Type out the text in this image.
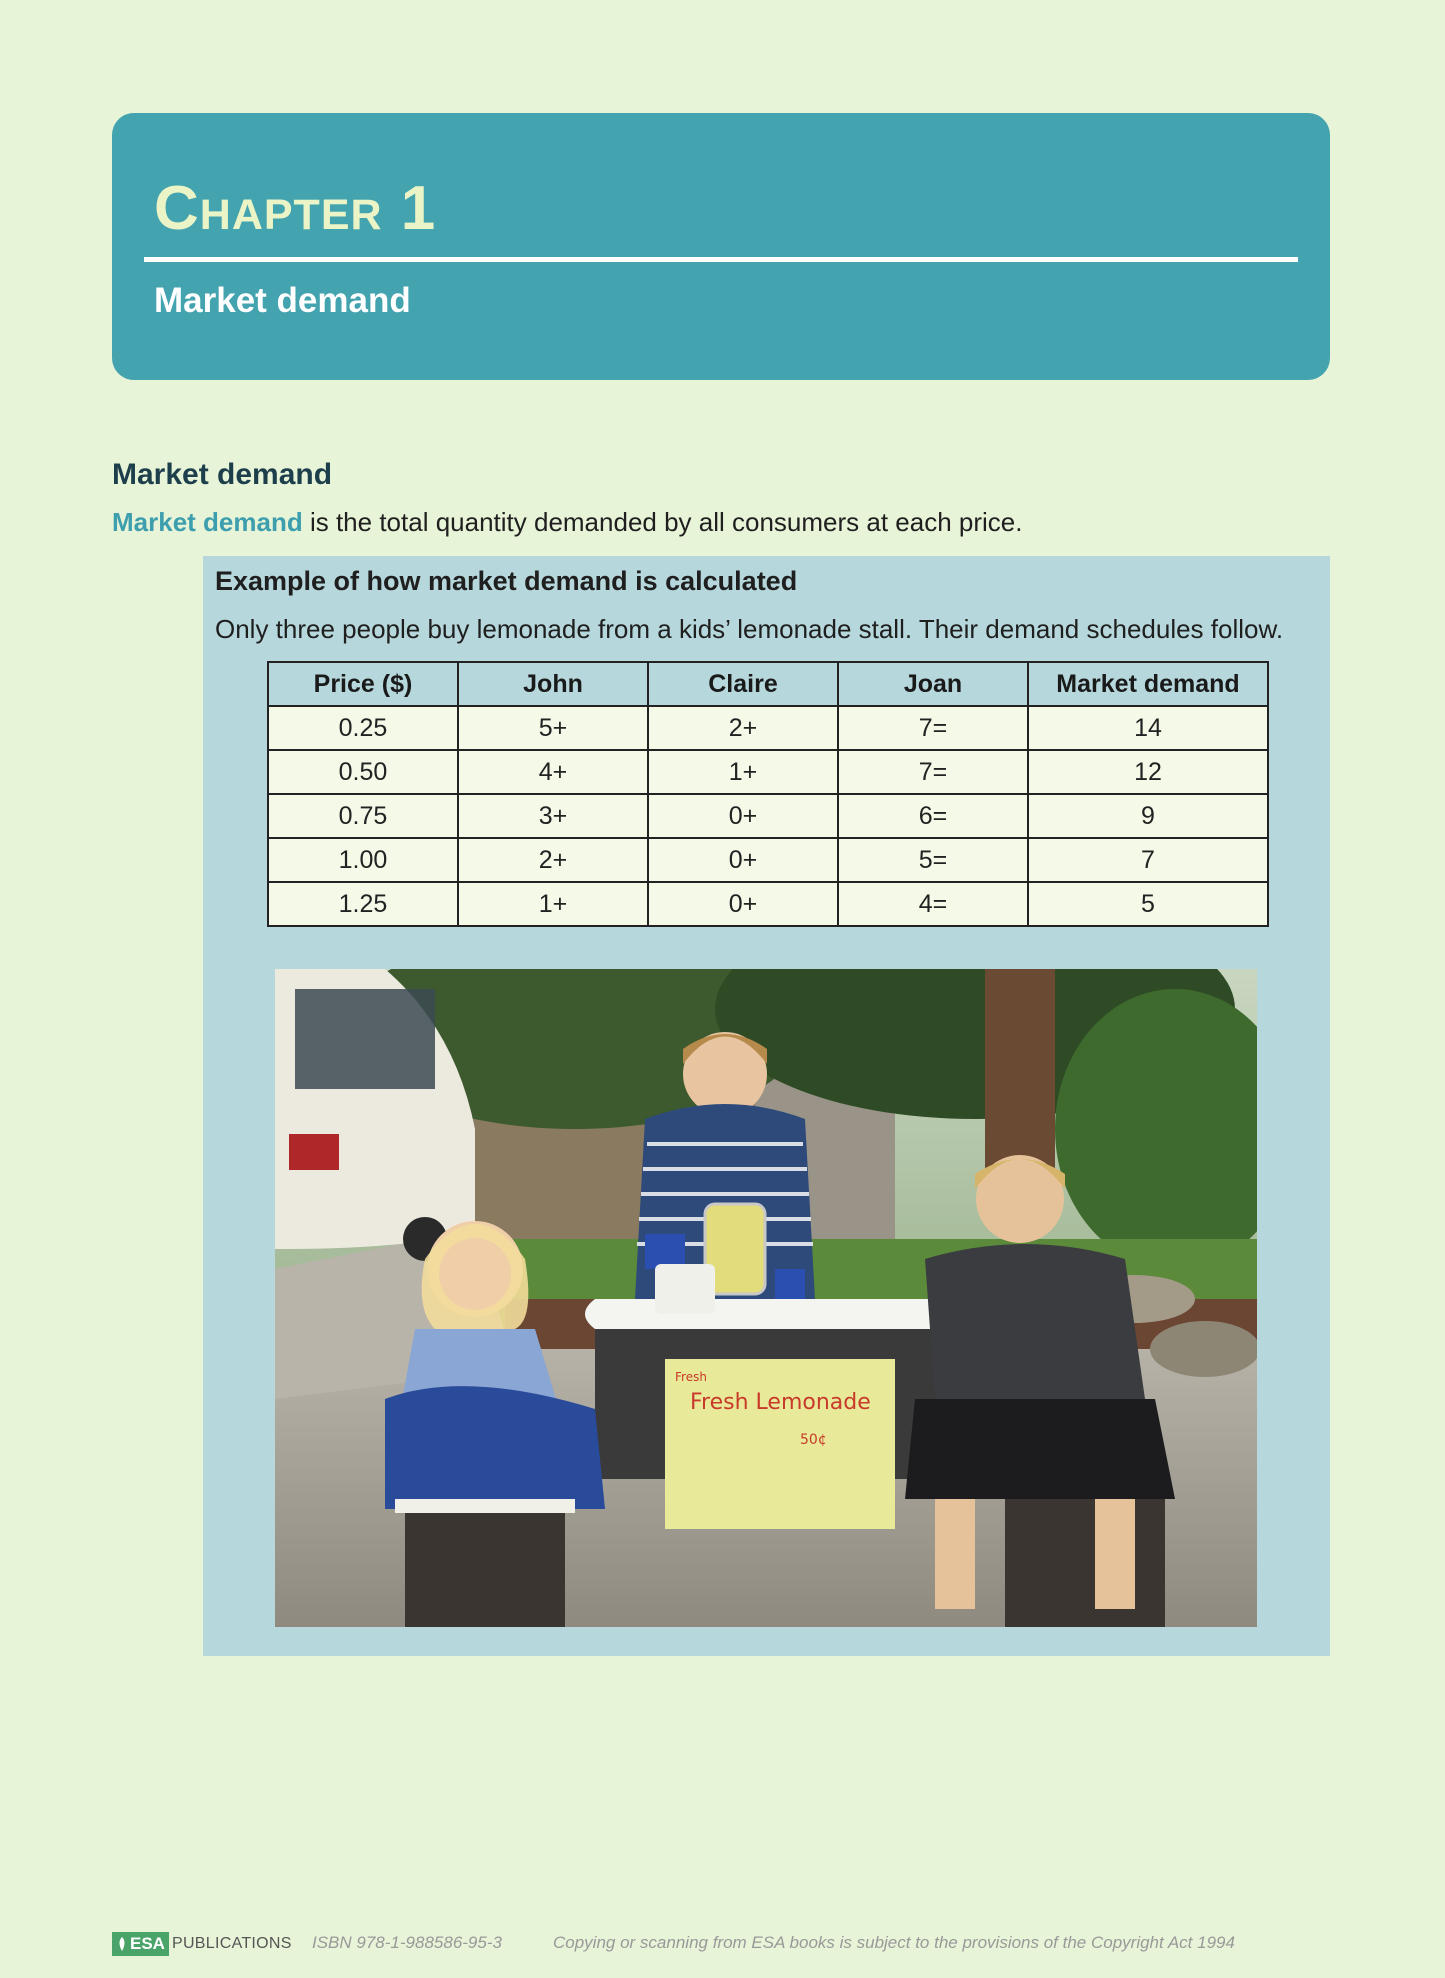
Chapter 1
Market demand
Market demand

Market demand is the total quantity demanded by all consumers at each price.

Example of how market demand is calculated

Only three people buy lemonade from a kids’ lemonade stall. Their demand schedules follow.

Price ($)	John	Claire	Joan	Market demand
0.25	5+	2+	7=	14
0.50	4+	1+	7=	12
0.75	3+	0+	6=	9
1.00	2+	0+	5=	7
1.25	1+	0+	4=	5
Fresh
Fresh Lemonade
50¢
ESA PUBLICATIONS ISBN 978-1-988586-95-3	Copying or scanning from ESA books is subject to the provisions of the Copyright Act 1994
